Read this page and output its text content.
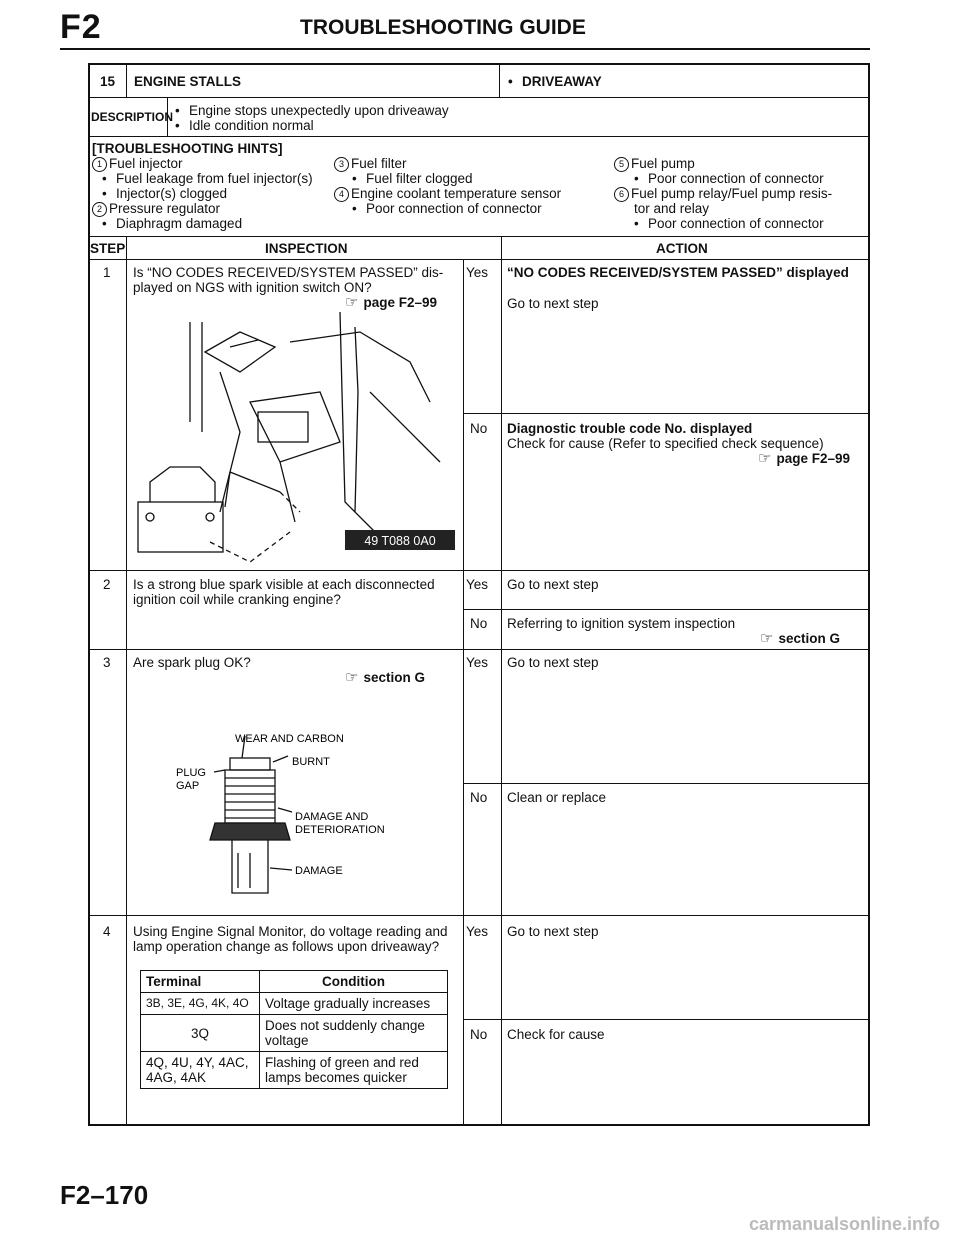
F2	TROUBLESHOOTING GUIDE
15 ENGINE STALLS	• DRIVEAWAY
DESCRIPTION	• Engine stops unexpectedly upon driveaway
• Idle condition normal
[TROUBLESHOOTING HINTS]
1 Fuel injector
• Fuel leakage from fuel injector(s)
• Injector(s) clogged
2 Pressure regulator
• Diaphragm damaged
3 Fuel filter
• Fuel filter clogged
4 Engine coolant temperature sensor
• Poor connection of connector
5 Fuel pump
• Poor connection of connector
6 Fuel pump relay/Fuel pump resis-
tor and relay
• Poor connection of connector
STEP	INSPECTION	ACTION
1 Is “NO CODES RECEIVED/SYSTEM PASSED” dis-
played on NGS with ignition switch ON?
☞ page F2–99
49 T088 0A0
Yes “NO CODES RECEIVED/SYSTEM PASSED” displayed
Go to next step
No Diagnostic trouble code No. displayed
Check for cause (Refer to specified check sequence)
☞ page F2–99
2 Is a strong blue spark visible at each disconnected
ignition coil while cranking engine?
Yes Go to next step
No Referring to ignition system inspection
☞ section G
3 Are spark plug OK?
☞ section G
WEAR AND CARBON
BURNT
PLUG
GAP
DAMAGE AND
DETERIORATION
DAMAGE
Yes Go to next step
No Clean or replace
4 Using Engine Signal Monitor, do voltage reading and
lamp operation change as follows upon driveaway?
Terminal	Condition
3B, 3E, 4G, 4K, 4O	Voltage gradually increases
3Q	Does not suddenly change voltage
4Q, 4U, 4Y, 4AC, 4AG, 4AK	Flashing of green and red lamps becomes quicker
Yes Go to next step
No Check for cause
F2–170
carmanualsonline.info
